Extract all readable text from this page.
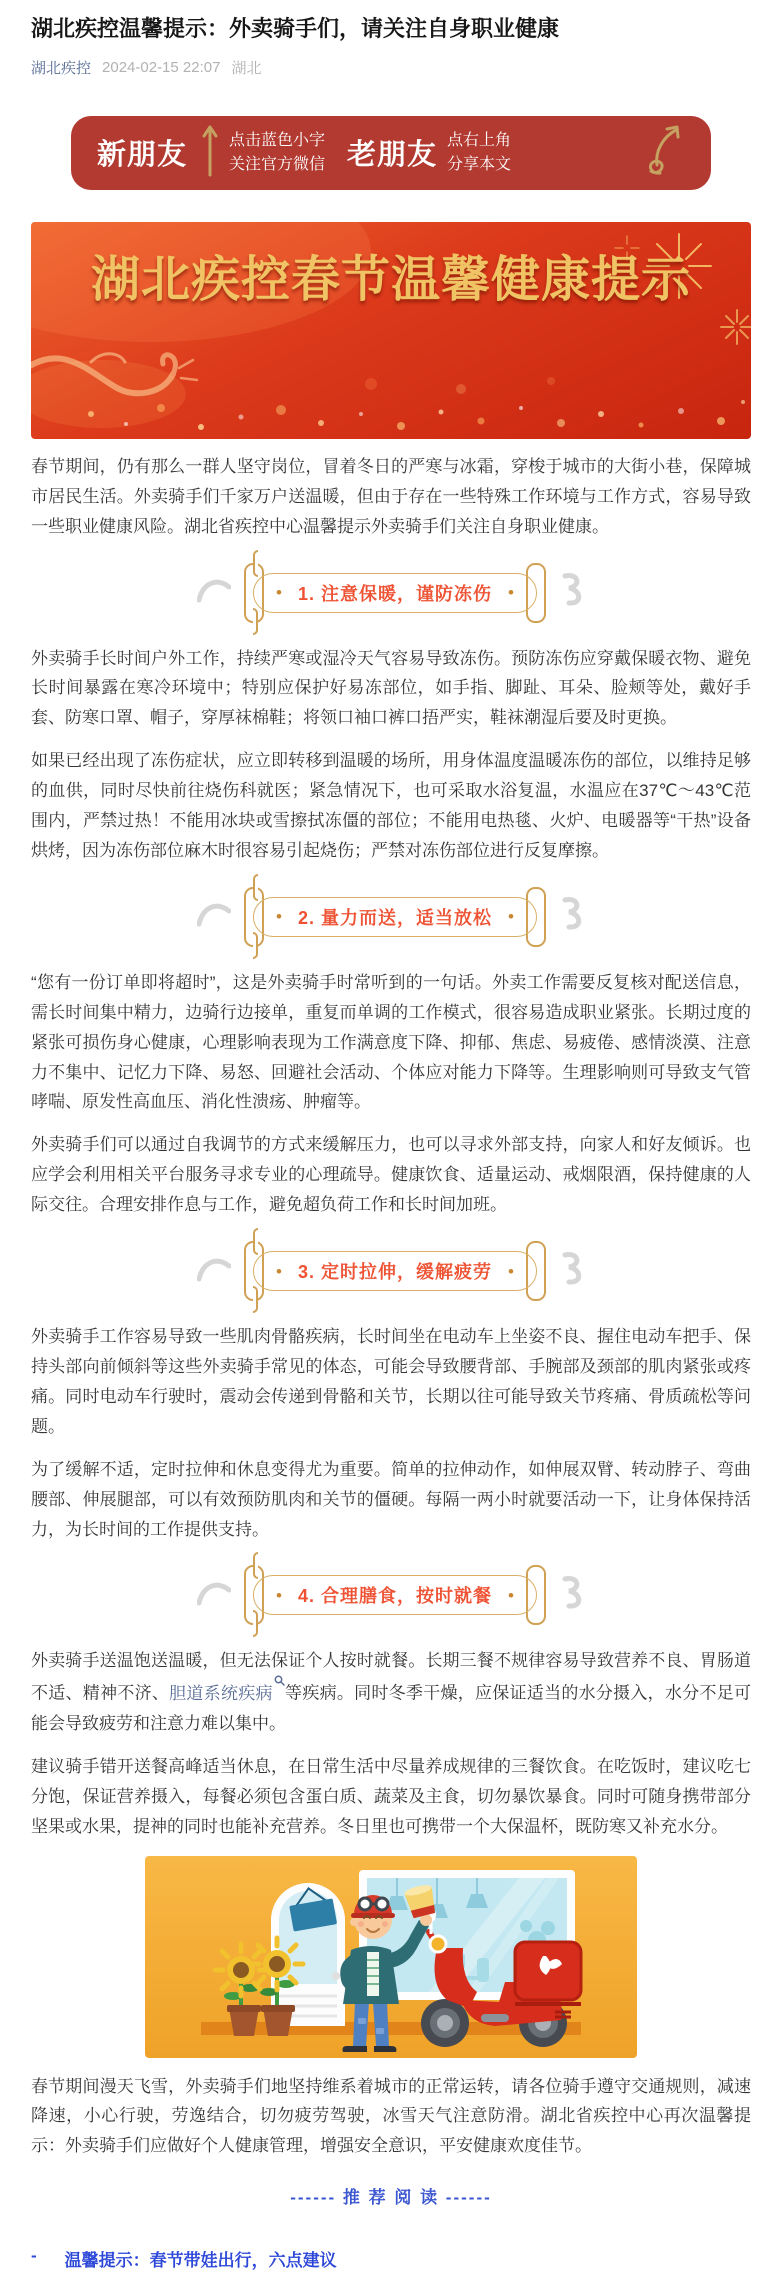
湖北疾控温馨提示：外卖骑手们，请关注自身职业健康
湖北疾控 2024-02-15 22:07 湖北
新朋友	点击蓝色小字
关注官方微信 老朋友 点右上角
分享本文
湖北疾控春节温馨健康提示

春节期间，仍有那么一群人坚守岗位，冒着冬日的严寒与冰霜，穿梭于城市的大街小巷，保障城市居民生活。外卖骑手们千家万户送温暖，但由于存在一些特殊工作环境与工作方式，容易导致一些职业健康风险。湖北省疾控中心温馨提示外卖骑手们关注自身职业健康。

• 1. 注意保暖，谨防冻伤 •

外卖骑手长时间户外工作，持续严寒或湿冷天气容易导致冻伤。预防冻伤应穿戴保暖衣物、避免长时间暴露在寒冷环境中；特别应保护好易冻部位，如手指、脚趾、耳朵、脸颊等处，戴好手套、防寒口罩、帽子，穿厚袜棉鞋；将领口袖口裤口捂严实，鞋袜潮湿后要及时更换。

如果已经出现了冻伤症状，应立即转移到温暖的场所，用身体温度温暖冻伤的部位，以维持足够的血供，同时尽快前往烧伤科就医；紧急情况下，也可采取水浴复温，水温应在37℃～43℃范围内，严禁过热！不能用冰块或雪擦拭冻僵的部位；不能用电热毯、火炉、电暖器等“干热”设备烘烤，因为冻伤部位麻木时很容易引起烧伤；严禁对冻伤部位进行反复摩擦。

• 2. 量力而送，适当放松 •

“您有一份订单即将超时”，这是外卖骑手时常听到的一句话。外卖工作需要反复核对配送信息，需长时间集中精力，边骑行边接单，重复而单调的工作模式，很容易造成职业紧张。长期过度的紧张可损伤身心健康，心理影响表现为工作满意度下降、抑郁、焦虑、易疲倦、感情淡漠、注意力不集中、记忆力下降、易怒、回避社会活动、个体应对能力下降等。生理影响则可导致支气管哮喘、原发性高血压、消化性溃疡、肿瘤等。

外卖骑手们可以通过自我调节的方式来缓解压力，也可以寻求外部支持，向家人和好友倾诉。也应学会利用相关平台服务寻求专业的心理疏导。健康饮食、适量运动、戒烟限酒，保持健康的人际交往。合理安排作息与工作，避免超负荷工作和长时间加班。

• 3. 定时拉伸，缓解疲劳 •

外卖骑手工作容易导致一些肌肉骨骼疾病，长时间坐在电动车上坐姿不良、握住电动车把手、保持头部向前倾斜等这些外卖骑手常见的体态，可能会导致腰背部、手腕部及颈部的肌肉紧张或疼痛。同时电动车行驶时，震动会传递到骨骼和关节，长期以往可能导致关节疼痛、骨质疏松等问题。

为了缓解不适，定时拉伸和休息变得尤为重要。简单的拉伸动作，如伸展双臂、转动脖子、弯曲腰部、伸展腿部，可以有效预防肌肉和关节的僵硬。每隔一两小时就要活动一下，让身体保持活力，为长时间的工作提供支持。

• 4. 合理膳食，按时就餐 •

外卖骑手送温饱送温暖，但无法保证个人按时就餐。长期三餐不规律容易导致营养不良、胃肠道不适、精神不济、胆道系统疾病 等疾病。同时冬季干燥，应保证适当的水分摄入，水分不足可能会导致疲劳和注意力难以集中。

建议骑手错开送餐高峰适当休息，在日常生活中尽量养成规律的三餐饮食。在吃饭时，建议吃七分饱，保证营养摄入，每餐必须包含蛋白质、蔬菜及主食，切勿暴饮暴食。同时可随身携带部分坚果或水果，提神的同时也能补充营养。冬日里也可携带一个大保温杯，既防寒又补充水分。

春节期间漫天飞雪，外卖骑手们地坚持维系着城市的正常运转，请各位骑手遵守交通规则，减速降速，小心行驶，劳逸结合，切勿疲劳驾驶，冰雪天气注意防滑。湖北省疾控中心再次温馨提示：外卖骑手们应做好个人健康管理，增强安全意识，平安健康欢度佳节。

------ 推 荐 阅 读 ------
- 温馨提示：春节带娃出行，六点建议
